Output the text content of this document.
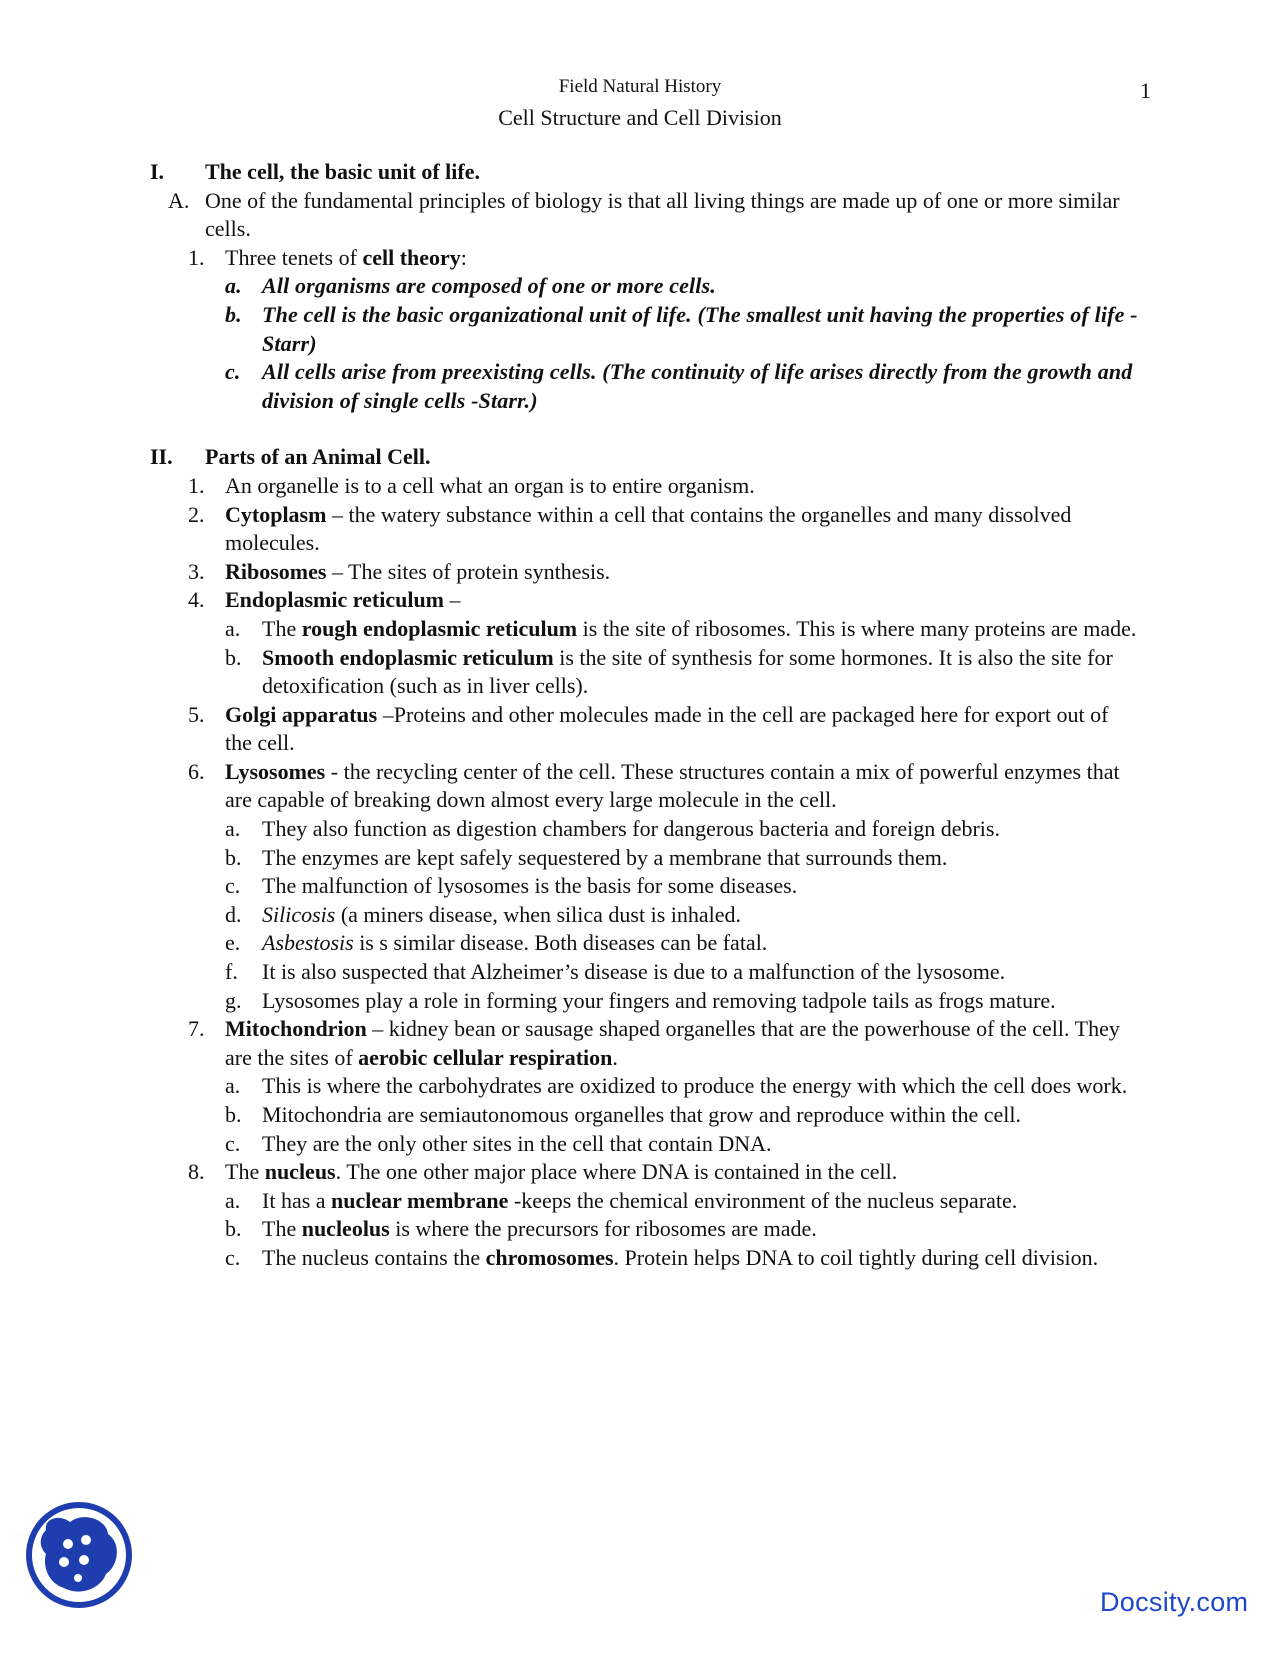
Field Natural History	1
Cell Structure and Cell Division
I. The cell, the basic unit of life.
A. One of the fundamental principles of biology is that all living things are made up of one or more similar cells.
1. Three tenets of cell theory:
a. All organisms are composed of one or more cells.
b. The cell is the basic organizational unit of life. (The smallest unit having the properties of life - Starr)
c. All cells arise from preexisting cells. (The continuity of life arises directly from the growth and division of single cells -Starr.)
II. Parts of an Animal Cell.
1. An organelle is to a cell what an organ is to entire organism.
2. Cytoplasm – the watery substance within a cell that contains the organelles and many dissolved molecules.
3. Ribosomes – The sites of protein synthesis.
4. Endoplasmic reticulum –
a. The rough endoplasmic reticulum is the site of ribosomes. This is where many proteins are made.
b. Smooth endoplasmic reticulum is the site of synthesis for some hormones. It is also the site for detoxification (such as in liver cells).
5. Golgi apparatus –Proteins and other molecules made in the cell are packaged here for export out of the cell.
6. Lysosomes - the recycling center of the cell. These structures contain a mix of powerful enzymes that are capable of breaking down almost every large molecule in the cell.
a. They also function as digestion chambers for dangerous bacteria and foreign debris.
b. The enzymes are kept safely sequestered by a membrane that surrounds them.
c. The malfunction of lysosomes is the basis for some diseases.
d. Silicosis (a miners disease, when silica dust is inhaled.
e. Asbestosis is s similar disease. Both diseases can be fatal.
f. It is also suspected that Alzheimer’s disease is due to a malfunction of the lysosome.
g. Lysosomes play a role in forming your fingers and removing tadpole tails as frogs mature.
7. Mitochondrion – kidney bean or sausage shaped organelles that are the powerhouse of the cell. They are the sites of aerobic cellular respiration.
a. This is where the carbohydrates are oxidized to produce the energy with which the cell does work.
b. Mitochondria are semiautonomous organelles that grow and reproduce within the cell.
c. They are the only other sites in the cell that contain DNA.
8. The nucleus. The one other major place where DNA is contained in the cell.
a. It has a nuclear membrane -keeps the chemical environment of the nucleus separate.
b. The nucleolus is where the precursors for ribosomes are made.
c. The nucleus contains the chromosomes. Protein helps DNA to coil tightly during cell division.
Docsity.com
